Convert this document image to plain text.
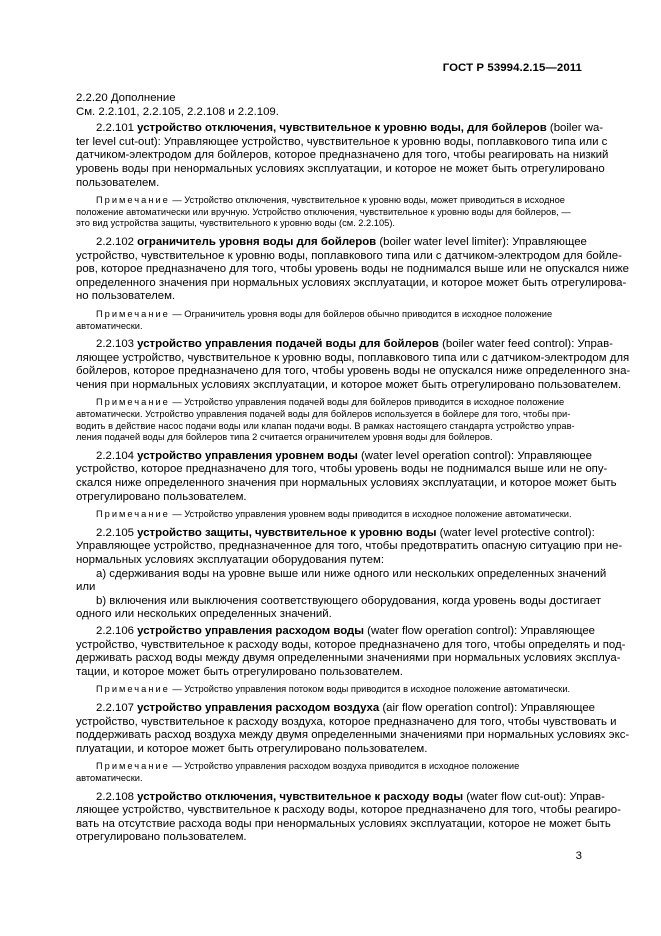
ГОСТ Р 53994.2.15—2011
2.2.20 Дополнение
См. 2.2.101, 2.2.105, 2.2.108 и 2.2.109.
2.2.101 устройство отключения, чувствительное к уровню воды, для бойлеров (boiler wa-
ter level cut-out): Управляющее устройство, чувствительное к уровню воды, поплавкового типа или с
датчиком-электродом для бойлеров, которое предназначено для того, чтобы реагировать на низкий
уровень воды при ненормальных условиях эксплуатации, и которое не может быть отрегулировано
пользователем.
Примечание — Устройство отключения, чувствительное к уровню воды, может приводиться в исходное
положение автоматически или вручную. Устройство отключения, чувствительное к уровню воды для бойлеров, —
это вид устройства защиты, чувствительного к уровню воды (см. 2.2.105).
2.2.102 ограничитель уровня воды для бойлеров (boiler water level limiter): Управляющее
устройство, чувствительное к уровню воды, поплавкового типа или с датчиком-электродом для бойле-
ров, которое предназначено для того, чтобы уровень воды не поднимался выше или не опускался ниже
определенного значения при нормальных условиях эксплуатации, и которое может быть отрегулирова-
но пользователем.
Примечание — Ограничитель уровня воды для бойлеров обычно приводится в исходное положение
автоматически.
2.2.103 устройство управления подачей воды для бойлеров (boiler water feed control): Управ-
ляющее устройство, чувствительное к уровню воды, поплавкового типа или с датчиком-электродом для
бойлеров, которое предназначено для того, чтобы уровень воды не опускался ниже определенного зна-
чения при нормальных условиях эксплуатации, и которое может быть отрегулировано пользователем.
Примечание — Устройство управления подачей воды для бойлеров приводится в исходное положение
автоматически. Устройство управления подачей воды для бойлеров используется в бойлере для того, чтобы при-
водить в действие насос подачи воды или клапан подачи воды. В рамках настоящего стандарта устройство управ-
ления подачей воды для бойлеров типа 2 считается ограничителем уровня воды для бойлеров.
2.2.104 устройство управления уровнем воды (water level operation control): Управляющее
устройство, которое предназначено для того, чтобы уровень воды не поднимался выше или не опу-
скался ниже определенного значения при нормальных условиях эксплуатации, и которое может быть
отрегулировано пользователем.
Примечание — Устройство управления уровнем воды приводится в исходное положение автоматически.
2.2.105 устройство защиты, чувствительное к уровню воды (water level protective control):
Управляющее устройство, предназначенное для того, чтобы предотвратить опасную ситуацию при не-
нормальных условиях эксплуатации оборудования путем:
а) сдерживания воды на уровне выше или ниже одного или нескольких определенных значений
или
b) включения или выключения соответствующего оборудования, когда уровень воды достигает
одного или нескольких определенных значений.
2.2.106 устройство управления расходом воды (water flow operation control): Управляющее
устройство, чувствительное к расходу воды, которое предназначено для того, чтобы определять и под-
держивать расход воды между двумя определенными значениями при нормальных условиях эксплуа-
тации, и которое может быть отрегулировано пользователем.
Примечание — Устройство управления потоком воды приводится в исходное положение автоматически.
2.2.107 устройство управления расходом воздуха (air flow operation control): Управляющее
устройство, чувствительное к расходу воздуха, которое предназначено для того, чтобы чувствовать и
поддерживать расход воздуха между двумя определенными значениями при нормальных условиях экс-
плуатации, и которое может быть отрегулировано пользователем.
Примечание — Устройство управления расходом воздуха приводится в исходное положение
автоматически.
2.2.108 устройство отключения, чувствительное к расходу воды (water flow cut-out): Управ-
ляющее устройство, чувствительное к расходу воды, которое предназначено для того, чтобы реагиро-
вать на отсутствие расхода воды при ненормальных условиях эксплуатации, которое не может быть
отрегулировано пользователем.
3
